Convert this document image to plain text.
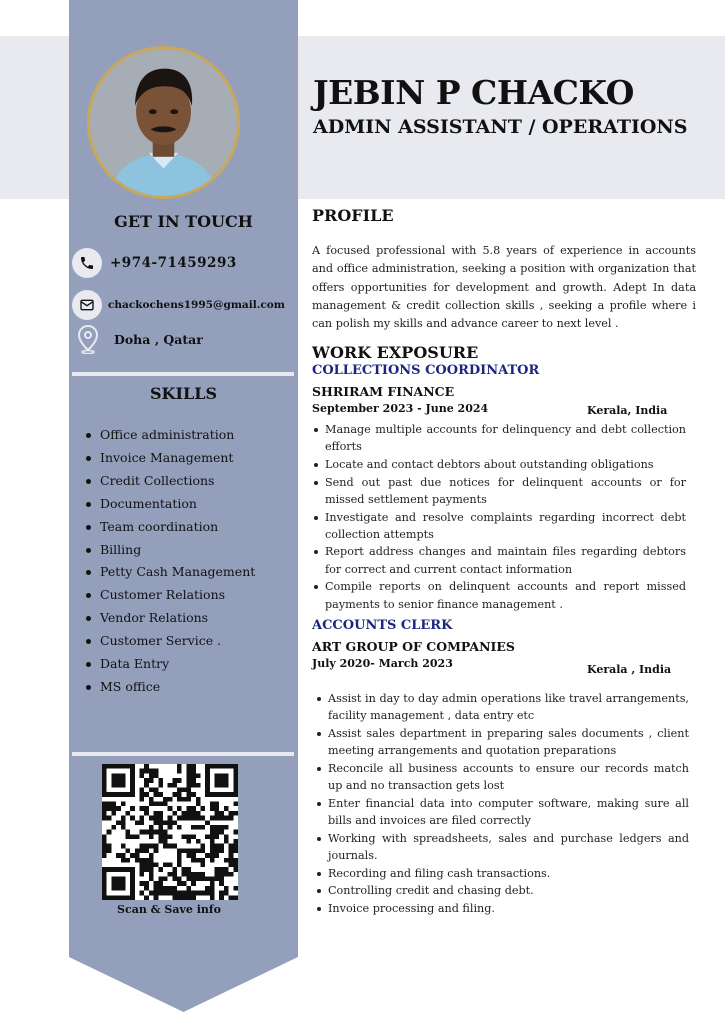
JEBIN P CHACKO
ADMIN ASSISTANT / OPERATIONS
GET IN TOUCH
+974-71459293
chackochens1995@gmail.com
Doha , Qatar
SKILLS
Office administration
Invoice Management
Credit Collections
Documentation
Team coordination
Billing
Petty Cash Management
Customer Relations
Vendor Relations
Customer Service .
Data Entry
MS office
Scan & Save info
PROFILE
A focused professional with 5.8 years of experience in accounts and office administration, seeking a position with organization that offers opportunities for development and growth. Adept In data management & credit collection skills , seeking a profile where i can polish my skills and advance career to next level .
WORK EXPOSURE
COLLECTIONS COORDINATOR
SHRIRAM FINANCE
September 2023 - June 2024	Kerala, India
Manage multiple accounts for delinquency and debt collection efforts
Locate and contact debtors about outstanding obligations
Send out past due notices for delinquent accounts or for missed settlement payments
Investigate and resolve complaints regarding incorrect debt collection attempts
Report address changes and maintain files regarding debtors for correct and current contact information
Compile reports on delinquent accounts and report missed payments to senior finance management .
ACCOUNTS CLERK
ART GROUP OF COMPANIES
July 2020- March 2023	Kerala , India
Assist in day to day admin operations like travel arrangements, facility management , data entry etc
Assist sales department in preparing sales documents , client meeting arrangements and quotation preparations
Reconcile all business accounts to ensure our records match up and no transaction gets lost
Enter financial data into computer software, making sure all bills and invoices are filed correctly
Working with spreadsheets, sales and purchase ledgers and journals.
Recording and filing cash transactions.
Controlling credit and chasing debt.
Invoice processing and filing.
